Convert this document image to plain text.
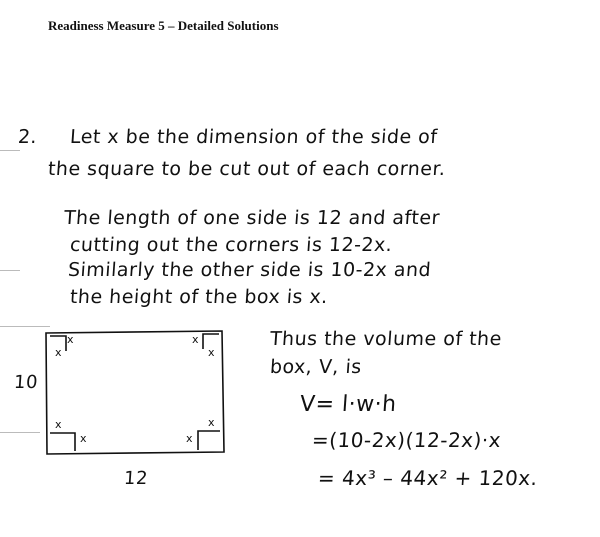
Readiness Measure 5 – Detailed Solutions
2. Let x be the dimension of the side of
the square to be cut out of each corner.
The length of one side is 12 and after
cutting out the corners is 12-2x.
Similarly the other side is 10-2x and
the height of the box is x.
x
x
x
x
x
x
x
x
10
12
Thus the volume of the
box, V, is
V= l·w·h
=(10-2x)(12-2x)·x
= 4x³ – 44x² + 120x.
